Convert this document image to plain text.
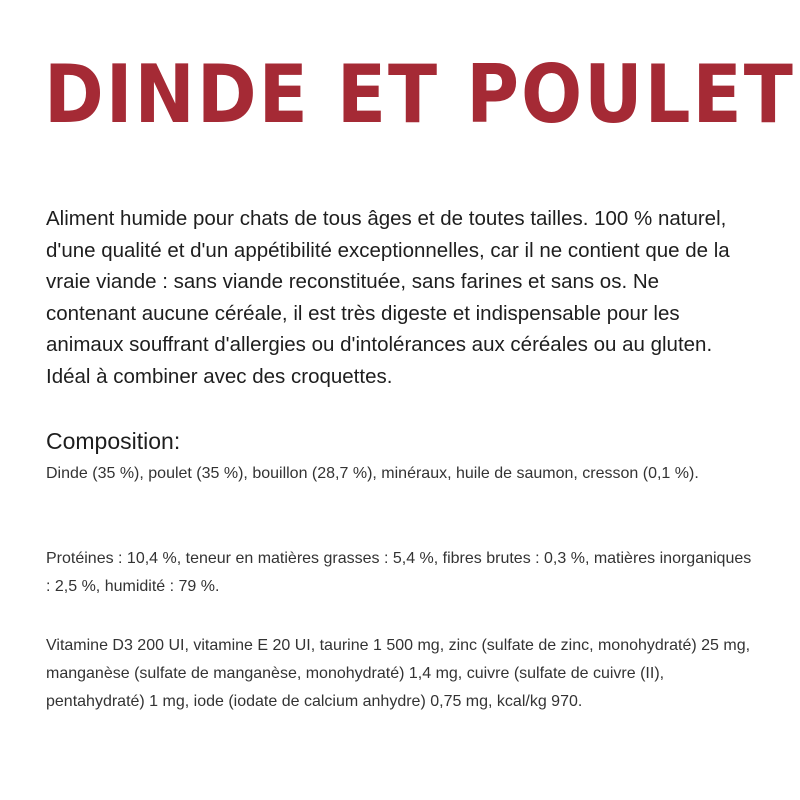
DINDE ET POULET

Aliment humide pour chats de tous âges et de toutes tailles. 100 % naturel, d'une qualité et d'un appétibilité exceptionnelles, car il ne contient que de la vraie viande : sans viande reconstituée, sans farines et sans os. Ne contenant aucune céréale, il est très digeste et indispensable pour les animaux souffrant d'allergies ou d'intolérances aux céréales ou au gluten. Idéal à combiner avec des croquettes.

Composition:

Dinde (35 %), poulet (35 %), bouillon (28,7 %), minéraux, huile de saumon, cresson (0,1 %).

Protéines : 10,4 %, teneur en matières grasses : 5,4 %, fibres brutes : 0,3 %, matières inorganiques : 2,5 %, humidité : 79 %.

Vitamine D3 200 UI, vitamine E 20 UI, taurine 1 500 mg, zinc (sulfate de zinc, monohydraté) 25 mg, manganèse (sulfate de manganèse, monohydraté) 1,4 mg, cuivre (sulfate de cuivre (II), pentahydraté) 1 mg, iode (iodate de calcium anhydre) 0,75 mg, kcal/kg 970.
